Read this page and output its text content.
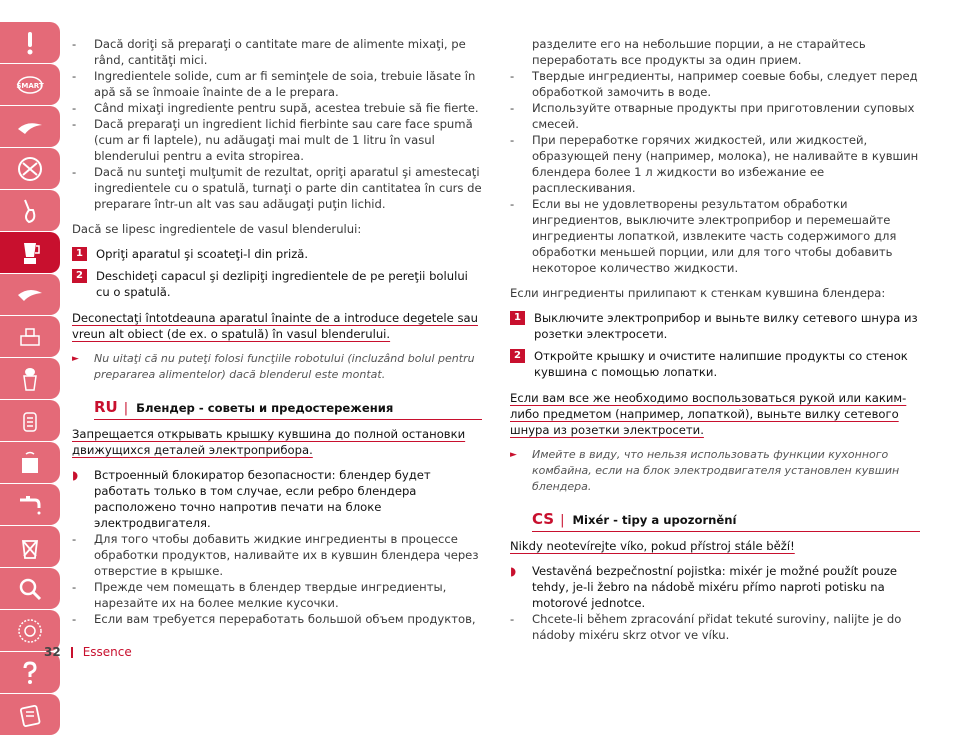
SMART
-	Dacă doriţi să preparaţi o cantitate mare de alimente mixaţi, pe rând, cantităţi mici.
-	Ingredientele solide, cum ar fi seminţele de soia, trebuie lăsate în apă să se înmoaie înainte de a le prepara.
-	Când mixaţi ingrediente pentru supă, acestea trebuie să fie fierte.
-	Dacă preparaţi un ingredient lichid fierbinte sau care face spumă (cum ar fi laptele), nu adăugaţi mai mult de 1 litru în vasul blenderului pentru a evita stropirea.
-	Dacă nu sunteţi mulţumit de rezultat, opriţi aparatul şi amestecaţi ingredientele cu o spatulă, turnaţi o parte din cantitatea în curs de preparare într-un alt vas sau adăugaţi puţin lichid.
Dacă se lipesc ingredientele de vasul blenderului:
1	Opriţi aparatul şi scoateţi-l din priză.
2	Deschideţi capacul şi dezlipiţi ingredientele de pe pereţii bolului cu o spatulă.
Deconectaţi întotdeauna aparatul înainte de a introduce degetele sau vreun alt obiect (de ex. o spatulă) în vasul blenderului.
►	Nu uitaţi că nu puteţi folosi funcţiile robotului (incluzând bolul pentru prepararea alimentelor) dacă blenderul este montat.
RU | Блендер - советы и предостережения
Запрещается открывать крышку кувшина до полной остановки движущихся деталей электроприбора.
◗	Встроенный блокиратор безопасности: блендер будет работать только в том случае, если ребро блендера расположено точно напротив печати на блоке электродвигателя.
-	Для того чтобы добавить жидкие ингредиенты в процессе обработки продуктов, наливайте их в кувшин блендера через отверстие в крышке.
-	Прежде чем помещать в блендер твердые ингредиенты, нарезайте их на более мелкие кусочки.
-	Если вам требуется переработать большой объем продуктов,
разделите его на небольшие порции, а не старайтесь переработать все продукты за один прием.
-	Твердые ингредиенты, например соевые бобы, следует перед обработкой замочить в воде.
-	Используйте отварные продукты при приготовлении суповых смесей.
-	При переработке горячих жидкостей, или жидкостей, образующей пену (например, молока), не наливайте в кувшин блендера более 1 л жидкости во избежание ее расплескивания.
-	Если вы не удовлетворены результатом обработки ингредиентов, выключите электроприбор и перемешайте ингредиенты лопаткой, извлеките часть содержимого для обработки меньшей порции, или для того чтобы добавить некоторое количество жидкости.
Если ингредиенты прилипают к стенкам кувшина блендера:
1	Выключите электроприбор и выньте вилку сетевого шнура из розетки электросети.
2	Откройте крышку и очистите налипшие продукты со стенок кувшина с помощью лопатки.
Если вам все же необходимо воспользоваться рукой или каким-либо предметом (например, лопаткой), выньте вилку сетевого шнура из розетки электросети.
►	Имейте в виду, что нельзя использовать функции кухонного комбайна, если на блок электродвигателя установлен кувшин блендера.
CS | Mixér - tipy a upozornění
Nikdy neotevírejte víko, pokud přístroj stále běží!
◗	Vestavěná bezpečnostní pojistka: mixér je možné použít pouze tehdy, je-li žebro na nádobě mixéru přímo naproti potisku na motorové jednotce.
-	Chcete-li během zpracování přidat tekuté suroviny, nalijte je do nádoby mixéru skrz otvor ve víku.
32 Essence
